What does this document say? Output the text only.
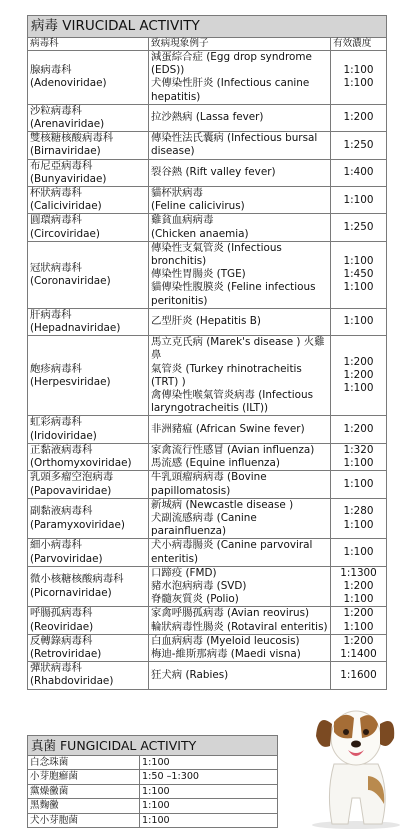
病毒 VIRUCIDAL ACTIVITY		
病毒科	致病現象例子	有效濃度

腺病毒科 (Adenoviridae)	減蛋綜合症 (Egg drop syndrome
(EDS))
犬傳染性肝炎 (Infectious canine
hepatitis)	1:100
1:100

沙粒病毒科
(Arenaviridae)	拉沙熱病 (Lassa fever)	1:200

雙核糖核酸病毒科
(Birnaviridae)	傳染性法氏囊病 (Infectious bursal
disease)	1:250

布尼亞病毒科
(Bunyaviridae)	裂谷熱 (Rift valley fever)	1:400

杯狀病毒科 (Caliciviridae)	貓杯狀病毒
(Feline calicivirus)	1:100

圓環病毒科 (Circoviridae)	雞貧血病病毒
(Chicken anaemia)	1:250

冠狀病毒科
(Coronaviridae)	傳染性支氣管炎 (Infectious
bronchitis)
傳染性胃腸炎 (TGE)
貓傳染性腹膜炎 (Feline infectious
peritonitis)	1:100
1:450
1:100

肝病毒科
(Hepadnaviridae)	乙型肝炎 (Hepatitis B)	1:100

皰疹病毒科
(Herpesviridae)	馬立克氏病 (Marek's disease ) 火雞鼻
氣管炎 (Turkey rhinotracheitis (TRT) )
禽傳染性喉氣管炎病毒 (Infectious
laryngotracheitis (ILT))	1:200
1:200
1:100

虹彩病毒科 (Iridoviridae)	非洲豬瘟 (African Swine fever)	1:200

正黏液病毒科
(Orthomyxoviridae)	家禽流行性感冒 (Avian influenza)
馬流感 (Equine influenza)	1:320
1:100

乳頭多瘤空泡病毒
(Papovaviridae)	牛乳頭瘤病病毒 (Bovine
papillomatosis)	1:100

副黏液病毒科
(Paramyxoviridae)	新城病 (Newcastle disease )
犬副流感病毒 (Canine parainfluenza)	1:280
1:100

細小病毒科
(Parvoviridae)	犬小病毒腸炎 (Canine parvoviral
enteritis)	1:100

微小核糖核酸病毒科
(Picornaviridae)	口蹄疫 (FMD)
豬水泡病病毒 (SVD)
脊髓灰質炎 (Polio)	1:1300
1:200
1:100

呼腸孤病毒科(Reoviridae)	家禽呼腸孤病毒 (Avian reovirus)
輪狀病毒性腸炎 (Rotaviral enteritis)	1:200
1:100

反轉錄病毒科
(Retroviridae)	白血病病毒 (Myeloid leucosis)
梅迪-維斯那病毒 (Maedi visna)	1:200
1:1400

彈狀病毒科 (Rhabdoviridae)	狂犬病 (Rabies)	1:1600
真菌 FUNGICIDAL ACTIVITY	
白念珠菌	1:100
小芽胞癬菌	1:50 –1:300
黨燥黴菌	1:100
黑麴黴	1:100
犬小芽胞菌	1:100
